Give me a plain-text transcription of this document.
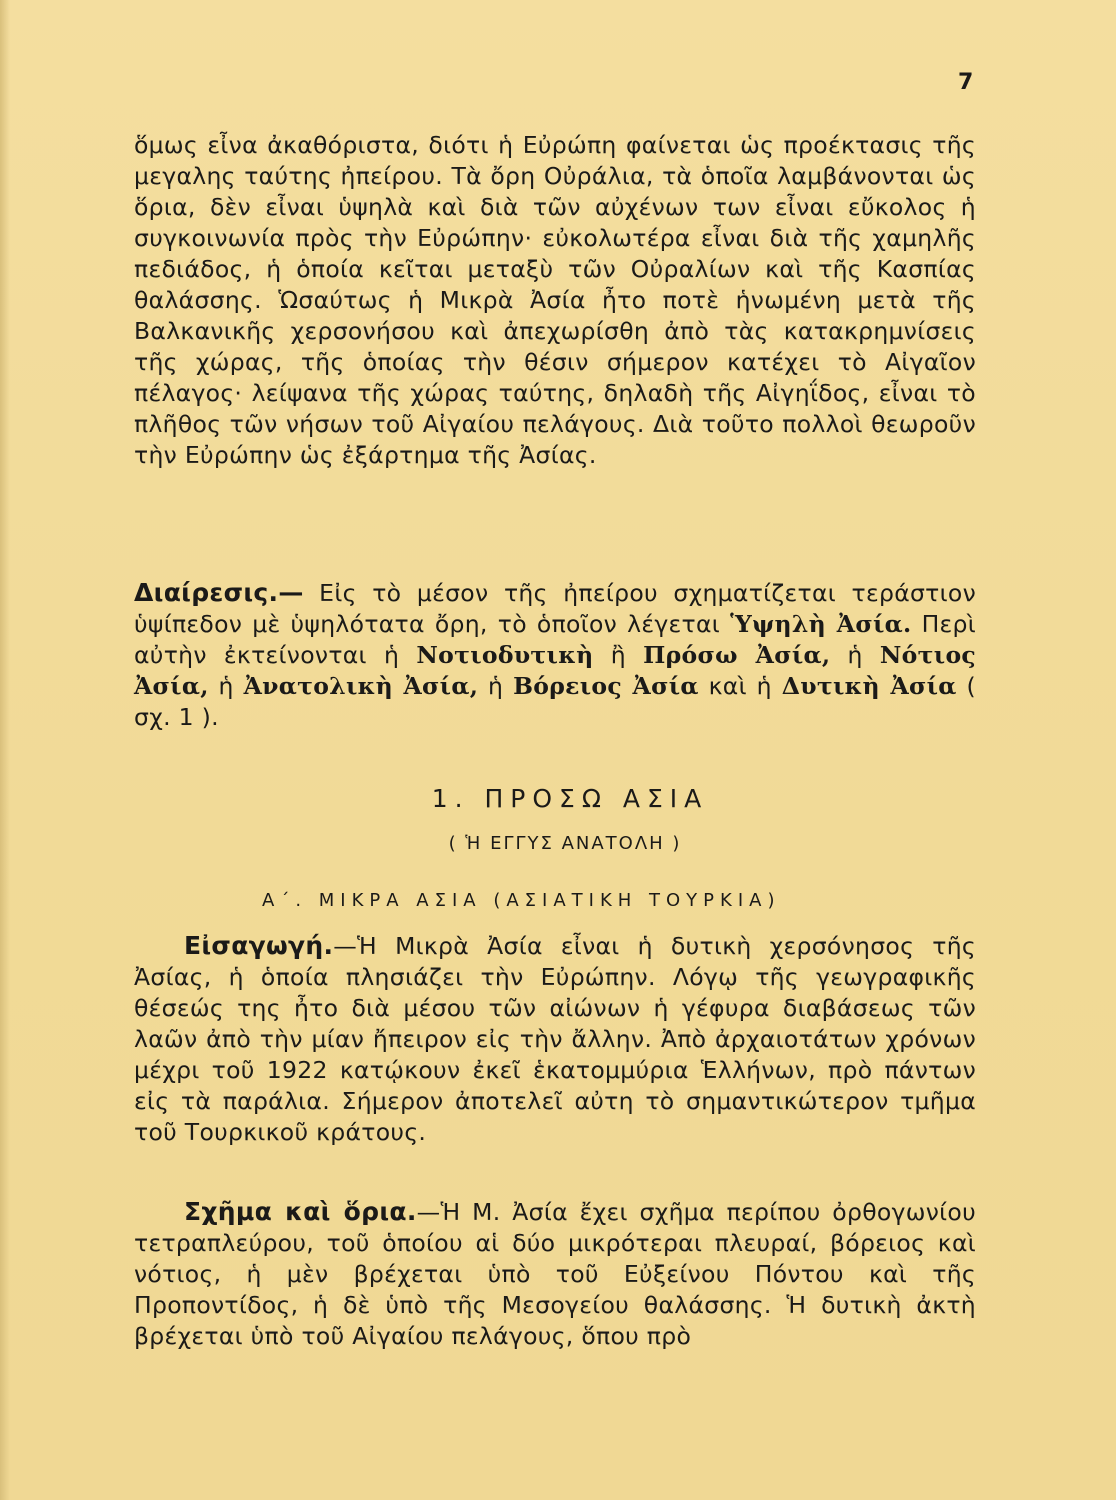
7

ὅμως εἶνα ἀκαθόριστα, διότι ἡ Εὐρώπη φαίνεται ὡς προέκτασις τῆς μεγαλης ταύτης ἠπείρου. Τὰ ὄρη Οὐράλια, τὰ ὁποῖα λαμβάνονται ὡς ὅρια, δὲν εἶναι ὑψηλὰ καὶ διὰ τῶν αὐχένων των εἶναι εὔκολος ἡ συγκοινωνία πρὸς τὴν Εὐρώπην· εὐκολωτέρα εἶναι διὰ τῆς χαμηλῆς πεδιάδος, ἡ ὁποία κεῖται μεταξὺ τῶν Οὐραλίων καὶ τῆς Κασπίας θαλάσσης. Ὡσαύτως ἡ Μικρὰ Ἀσία ἦτο ποτὲ ἡνωμένη μετὰ τῆς Βαλκανικῆς χερσονήσου καὶ ἀπεχωρίσθη ἀπὸ τὰς κατακρημνίσεις τῆς χώρας, τῆς ὁποίας τὴν θέσιν σήμερον κατέχει τὸ Αἰγαῖον πέλαγος· λείψανα τῆς χώρας ταύτης, δηλαδὴ τῆς Αἰγηΐδος, εἶναι τὸ πλῆθος τῶν νήσων τοῦ Αἰγαίου πελάγους. Διὰ τοῦτο πολλοὶ θεωροῦν τὴν Εὐρώπην ὡς ἐξάρτημα τῆς Ἀσίας.

Διαίρεσις.— Εἰς τὸ μέσον τῆς ἠπείρου σχηματίζεται τεράστιον ὑψίπεδον μὲ ὑψηλότατα ὄρη, τὸ ὁποῖον λέγεται Ὑψηλὴ Ἀσία. Περὶ αὐτὴν ἐκτείνονται ἡ Νοτιοδυτικὴ ἢ Πρόσω Ἀσία, ἡ Νότιος Ἀσία, ἡ Ἀνατολικὴ Ἀσία, ἡ Βόρειος Ἀσία καὶ ἡ Δυτικὴ Ἀσία ( σχ. 1 ).

1. ΠΡΟΣΩ ΑΣΙΑ
( Ἡ ΕΓΓΥΣ ΑΝΑΤΟΛΗ )
Α΄. ΜΙΚΡΑ ΑΣΙΑ (ΑΣΙΑΤΙΚΗ ΤΟΥΡΚΙΑ)

Εἰσαγωγή.—Ἡ Μικρὰ Ἀσία εἶναι ἡ δυτικὴ χερσόνησος τῆς Ἀσίας, ἡ ὁποία πλησιάζει τὴν Εὐρώπην. Λόγῳ τῆς γεωγραφικῆς θέσεώς της ἦτο διὰ μέσου τῶν αἰώνων ἡ γέφυρα διαβάσεως τῶν λαῶν ἀπὸ τὴν μίαν ἤπειρον εἰς τὴν ἄλλην. Ἀπὸ ἀρχαιοτάτων χρόνων μέχρι τοῦ 1922 κατῴκουν ἐκεῖ ἑκατομμύρια Ἑλλήνων, πρὸ πάντων εἰς τὰ παράλια. Σήμερον ἀποτελεῖ αὐτη τὸ σημαντικώτερον τμῆμα τοῦ Τουρκικοῦ κράτους.

Σχῆμα καὶ ὅρια.—Ἡ Μ. Ἀσία ἔχει σχῆμα περίπου ὀρθογωνίου τετραπλεύρου, τοῦ ὁποίου αἱ δύο μικρότεραι πλευραί, βόρειος καὶ νότιος, ἡ μὲν βρέχεται ὑπὸ τοῦ Εὐξείνου Πόντου καὶ τῆς Προποντίδος, ἡ δὲ ὑπὸ τῆς Μεσογείου θαλάσσης. Ἡ δυτικὴ ἀκτὴ βρέχεται ὑπὸ τοῦ Αἰγαίου πελάγους, ὅπου πρὸ
